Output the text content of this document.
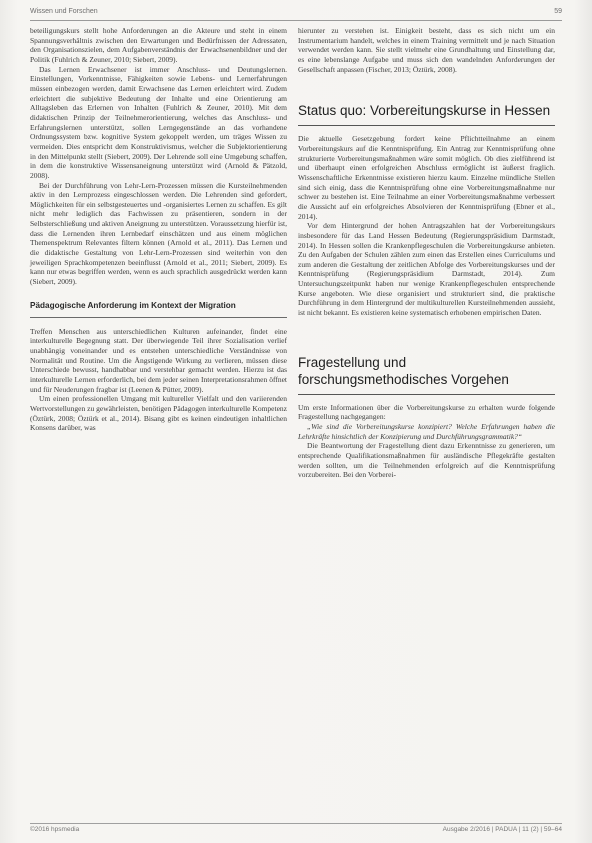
Wissen und Forschen	59

beteiligungskurs stellt hohe Anforderungen an die Akteure und steht in einem Spannungsverhältnis zwischen den Erwartungen und Bedürfnissen der Adressaten, den Organisationszielen, dem Aufgabenverständnis der Erwachsenenbildner und der Politik (Fuhlrich & Zeuner, 2010; Siebert, 2009).

Das Lernen Erwachsener ist immer Anschluss- und Deutungslernen. Einstellungen, Vorkenntnisse, Fähigkeiten sowie Lebens- und Lernerfahrungen müssen einbezogen werden, damit Erwachsene das Lernen erleichtert wird. Zudem erleichtert die subjektive Bedeutung der Inhalte und eine Orientierung am Alltagsleben das Erlernen von Inhalten (Fuhlrich & Zeuner, 2010). Mit dem didaktischen Prinzip der Teilnehmerorientierung, welches das Anschluss- und Erfahrungslernen unterstützt, sollen Lerngegenstände an das vorhandene Ordnungssystem bzw. kognitive System gekoppelt werden, um träges Wissen zu vermeiden. Dies entspricht dem Konstruktivismus, welcher die Subjektorientierung in den Mittelpunkt stellt (Siebert, 2009). Der Lehrende soll eine Umgebung schaffen, in dem die konstruktive Wissensaneignung unterstützt wird (Arnold & Pätzold, 2008).

Bei der Durchführung von Lehr-Lern-Prozessen müssen die Kursteilnehmenden aktiv in den Lernprozess eingeschlossen werden. Die Lehrenden sind gefordert, Möglichkeiten für ein selbstgesteuertes und -organisiertes Lernen zu schaffen. Es gilt nicht mehr lediglich das Fachwissen zu präsentieren, sondern in der Selbsterschließung und aktiven Aneignung zu unterstützen. Voraussetzung hierfür ist, dass die Lernenden ihren Lernbedarf einschätzen und aus einem möglichen Themenspektrum Relevantes filtern können (Arnold et al., 2011). Das Lernen und die didaktische Gestaltung von Lehr-Lern-Prozessen sind weiterhin von den jeweiligen Sprachkompetenzen beeinflusst (Arnold et al., 2011; Siebert, 2009). Es kann nur etwas begriffen werden, wenn es auch sprachlich ausgedrückt werden kann (Siebert, 2009).

Pädagogische Anforderung im Kontext der Migration

Treffen Menschen aus unterschiedlichen Kulturen aufeinander, findet eine interkulturelle Begegnung statt. Der überwiegende Teil ihrer Sozialisation verlief unabhängig voneinander und es entstehen unterschiedliche Verständnisse von Normalität und Routine. Um die Ängstigende Wirkung zu verlieren, müssen diese Unterschiede bewusst, handhabbar und verstehbar gemacht werden. Hierzu ist das interkulturelle Lernen erforderlich, bei dem jeder seinen Interpretationsrahmen öffnet und für Neuderungen fragbar ist (Leenen & Pütter, 2009).

Um einen professionellen Umgang mit kultureller Vielfalt und den variierenden Wertvorstellungen zu gewährleisten, benötigen Pädagogen interkulturelle Kompetenz (Öztürk, 2008; Öztürk et al., 2014). Bisang gibt es keinen eindeutigen inhaltlichen Konsens darüber, was

hierunter zu verstehen ist. Einigkeit besteht, dass es sich nicht um ein Instrumentarium handelt, welches in einem Training vermittelt und je nach Situation verwendet werden kann. Sie stellt vielmehr eine Grundhaltung und Einstellung dar, es eine lebenslange Aufgabe und muss sich den wandelnden Anforderungen der Gesellschaft anpassen (Fischer, 2013; Öztürk, 2008).

Status quo: Vorbereitungskurse in Hessen

Die aktuelle Gesetzgebung fordert keine Pflichtteilnahme an einem Vorbereitungskurs auf die Kenntnisprüfung. Ein Antrag zur Kenntnisprüfung ohne strukturierte Vorbereitungsmaßnahmen wäre somit möglich. Ob dies zielführend ist und überhaupt einen erfolgreichen Abschluss ermöglicht ist äußerst fraglich. Wissenschaftliche Erkenntnisse existieren hierzu kaum. Einzelne mündliche Stellen sind sich einig, dass die Kenntnisprüfung ohne eine Vorbereitungsmaßnahme nur schwer zu bestehen ist. Eine Teilnahme an einer Vorbereitungsmaßnahme verbessert die Aussicht auf ein erfolgreiches Absolvieren der Kenntnisprüfung (Ebner et al., 2014).

Vor dem Hintergrund der hohen Antragszahlen hat der Vorbereitungskurs insbesondere für das Land Hessen Bedeutung (Regierungspräsidium Darmstadt, 2014). In Hessen sollen die Krankenpflegeschulen die Vorbereitungskurse anbieten. Zu den Aufgaben der Schulen zählen zum einen das Erstellen eines Curriculums und zum anderen die Gestaltung der zeitlichen Abfolge des Vorbereitungskurses und der Kenntnisprüfung (Regierungspräsidium Darmstadt, 2014). Zum Untersuchungszeitpunkt haben nur wenige Krankenpflegeschulen entsprechende Kurse angeboten. Wie diese organisiert und strukturiert sind, die praktische Durchführung in dem Hintergrund der multikulturellen Kursteilnehmenden aussieht, ist nicht bekannt. Es existieren keine systematisch erhobenen empirischen Daten.

Fragestellung und forschungsmethodisches Vorgehen

Um erste Informationen über die Vorbereitungskurse zu erhalten wurde folgende Fragestellung nachgegangen:

„Wie sind die Vorbereitungskurse konzipiert? Welche Erfahrungen haben die Lehrkräfte hinsichtlich der Konzipierung und Durchführungsgrammatik?“

Die Beantwortung der Fragestellung dient dazu Erkenntnisse zu generieren, um entsprechende Qualifikationsmaßnahmen für ausländische Pflegekräfte gestalten werden sollten, um die Teilnehmenden erfolgreich auf die Kenntnisprüfung vorzubereiten. Bei den Vorberei-

©2016 hpsmedia	Ausgabe 2/2016 | PADUA | 11 (2) | 59–64
